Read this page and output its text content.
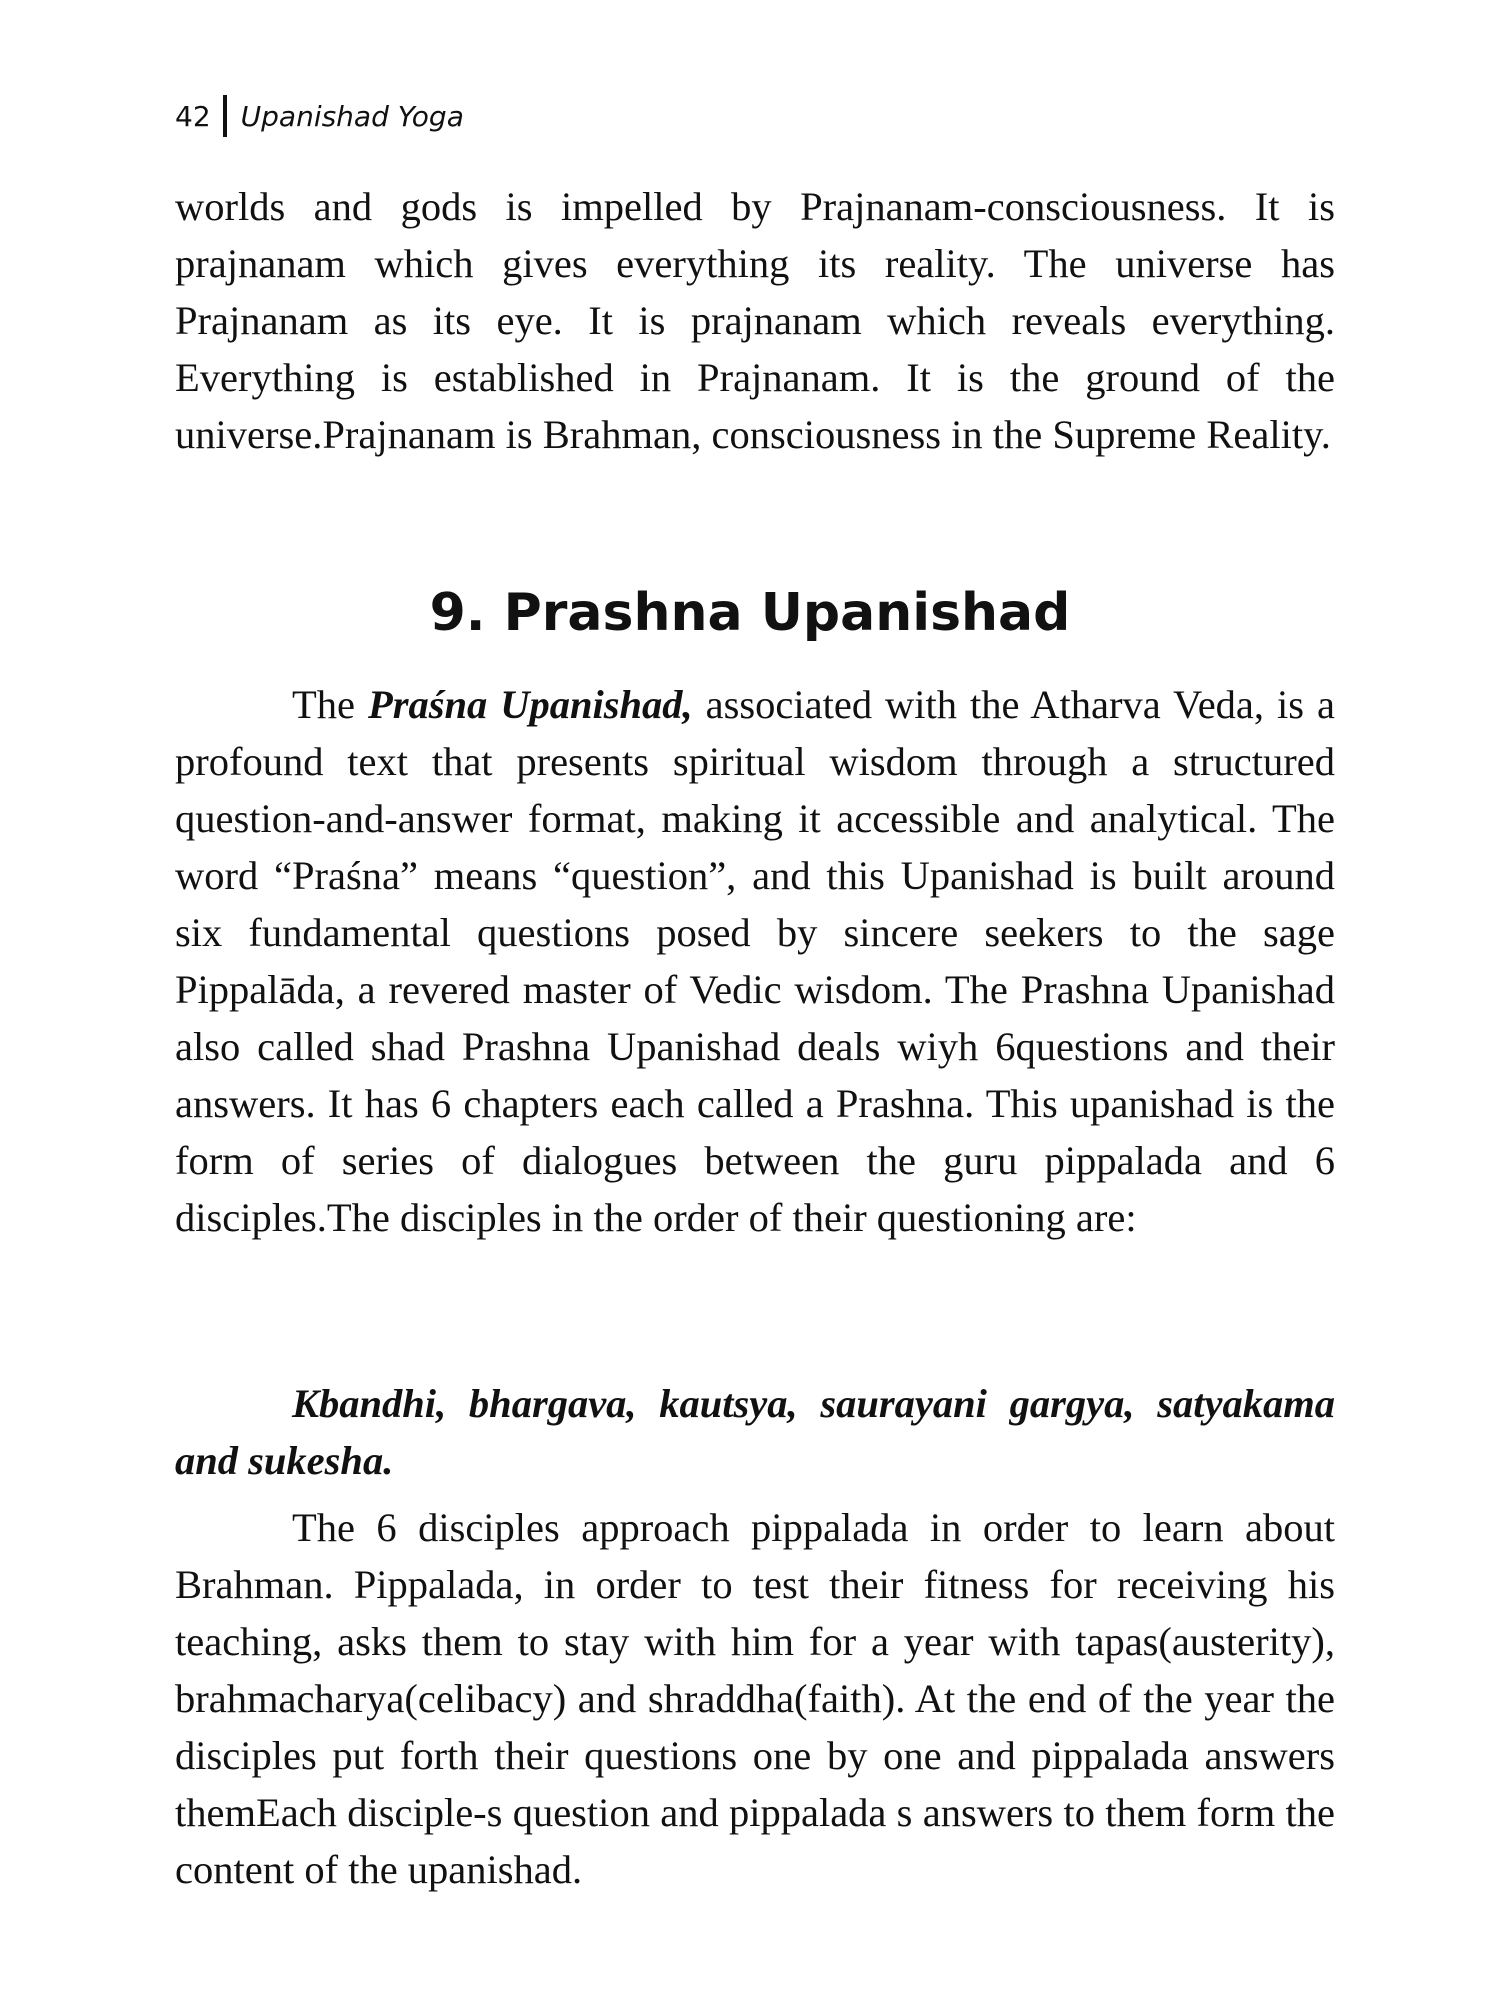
42 Upanishad Yoga

worlds and gods is impelled by Prajnanam-consciousness. It is prajnanam which gives everything its reality. The universe has Prajnanam as its eye. It is prajnanam which reveals everything. Everything is established in Prajnanam. It is the ground of the universe.Prajnanam is Brahman, consciousness in the Supreme Reality.

9. Prashna Upanishad

The Praśna Upanishad, associated with the Atharva Veda, is a profound text that presents spiritual wisdom through a structured question-and-answer format, making it accessible and analytical. The word “Praśna” means “question”, and this Upanishad is built around six fundamental questions posed by sincere seekers to the sage Pippalāda, a revered master of Vedic wisdom. The Prashna Upanishad also called shad Prashna Upanishad deals wiyh 6questions and their answers. It has 6 chapters each called a Prashna. This upanishad is the form of series of dialogues between the guru pippalada and 6 disciples.The disciples in the order of their questioning are:

Kbandhi, bhargava, kautsya, saurayani gargya, satyakama and sukesha.

The 6 disciples approach pippalada in order to learn about Brahman. Pippalada, in order to test their fitness for receiving his teaching, asks them to stay with him for a year with tapas(austerity), brahmacharya(celibacy) and shraddha(faith). At the end of the year the disciples put forth their questions one by one and pippalada answers themEach disciple-s question and pippalada s answers to them form the content of the upanishad.
